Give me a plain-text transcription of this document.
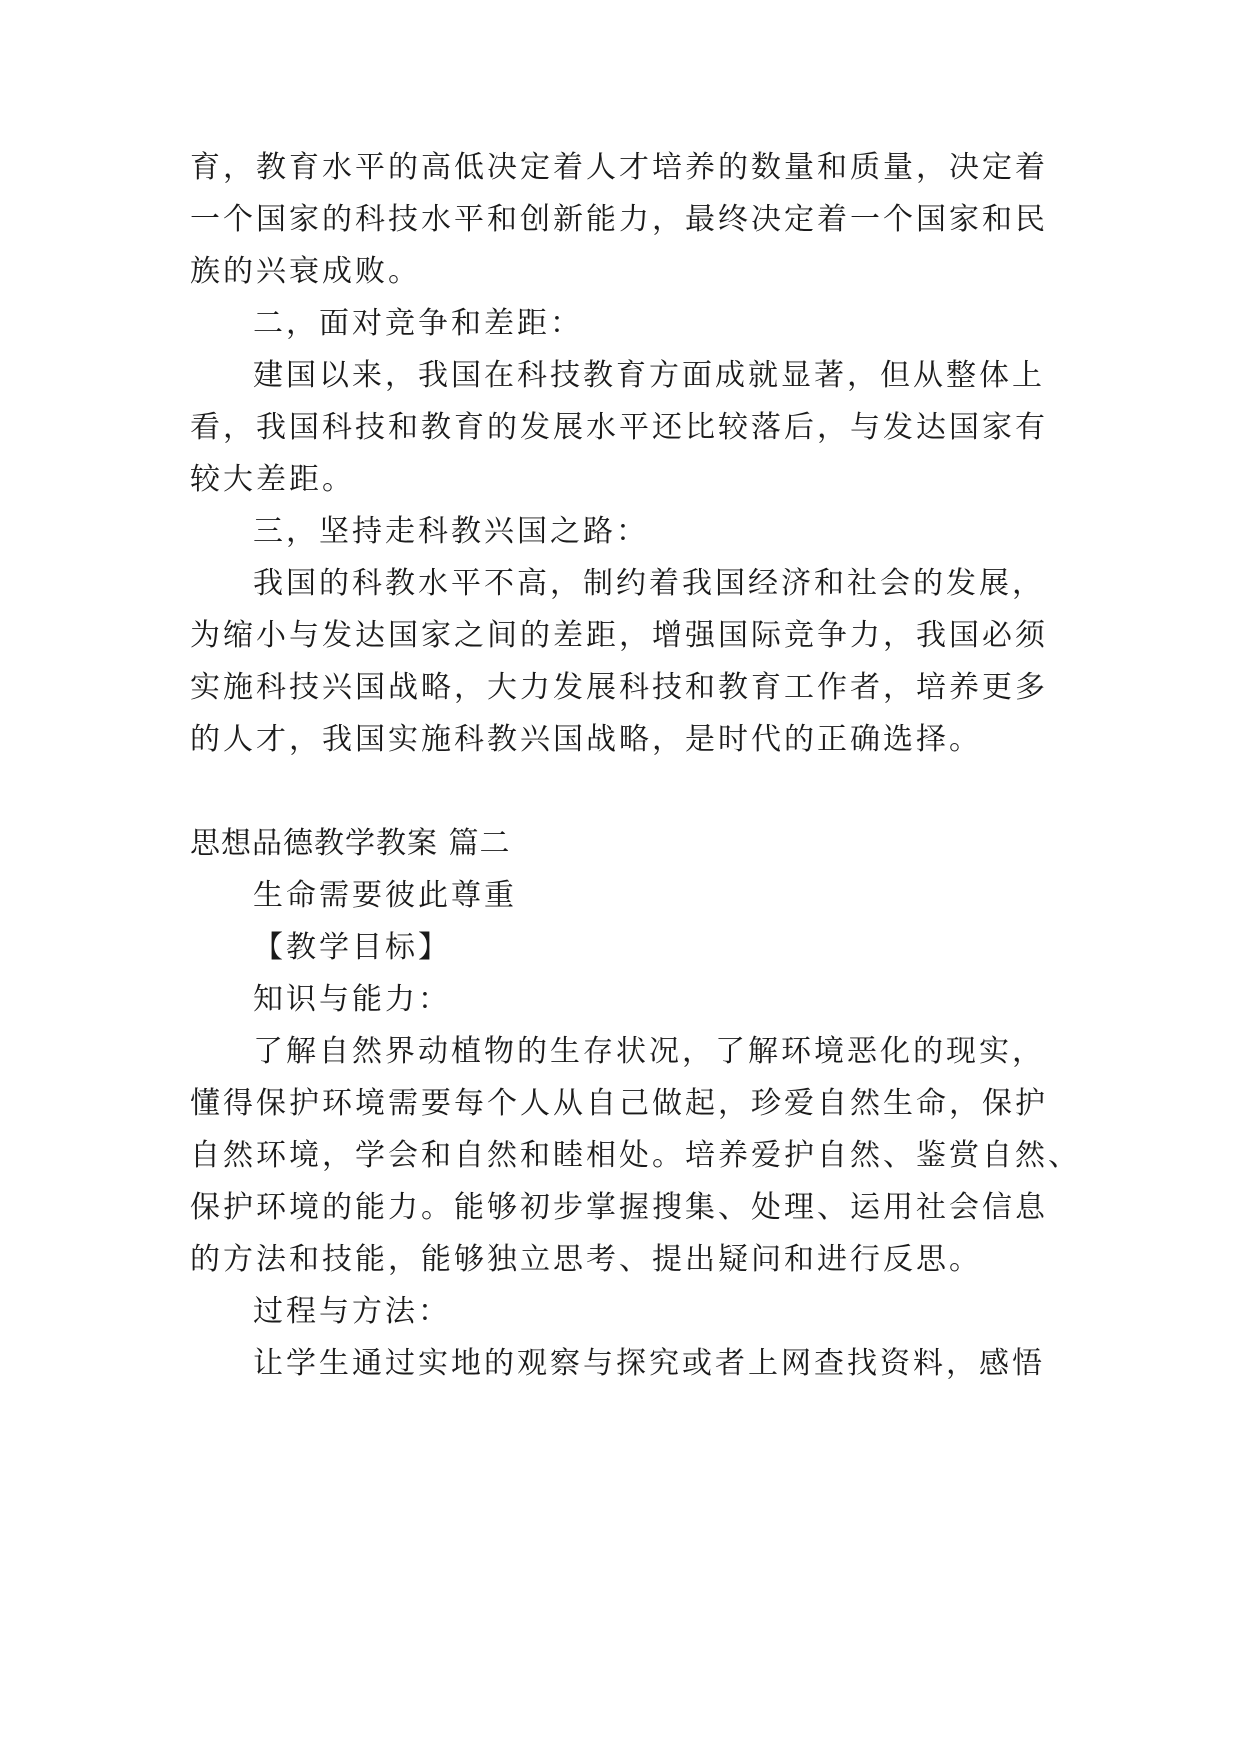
育，教育水平的高低决定着人才培养的数量和质量，决定着
一个国家的科技水平和创新能力，最终决定着一个国家和民
族的兴衰成败。
二，面对竞争和差距：
建国以来，我国在科技教育方面成就显著，但从整体上
看，我国科技和教育的发展水平还比较落后，与发达国家有
较大差距。
三，坚持走科教兴国之路：
我国的科教水平不高，制约着我国经济和社会的发展，
为缩小与发达国家之间的差距，增强国际竞争力，我国必须
实施科技兴国战略，大力发展科技和教育工作者，培养更多
的人才，我国实施科教兴国战略，是时代的正确选择。
思想品德教学教案 篇二
生命需要彼此尊重
【教学目标】
知识与能力：
了解自然界动植物的生存状况，了解环境恶化的现实，
懂得保护环境需要每个人从自己做起，珍爱自然生命，保护
自然环境，学会和自然和睦相处。培养爱护自然、鉴赏自然、
保护环境的能力。能够初步掌握搜集、处理、运用社会信息
的方法和技能，能够独立思考、提出疑问和进行反思。
过程与方法：
让学生通过实地的观察与探究或者上网查找资料，感悟
